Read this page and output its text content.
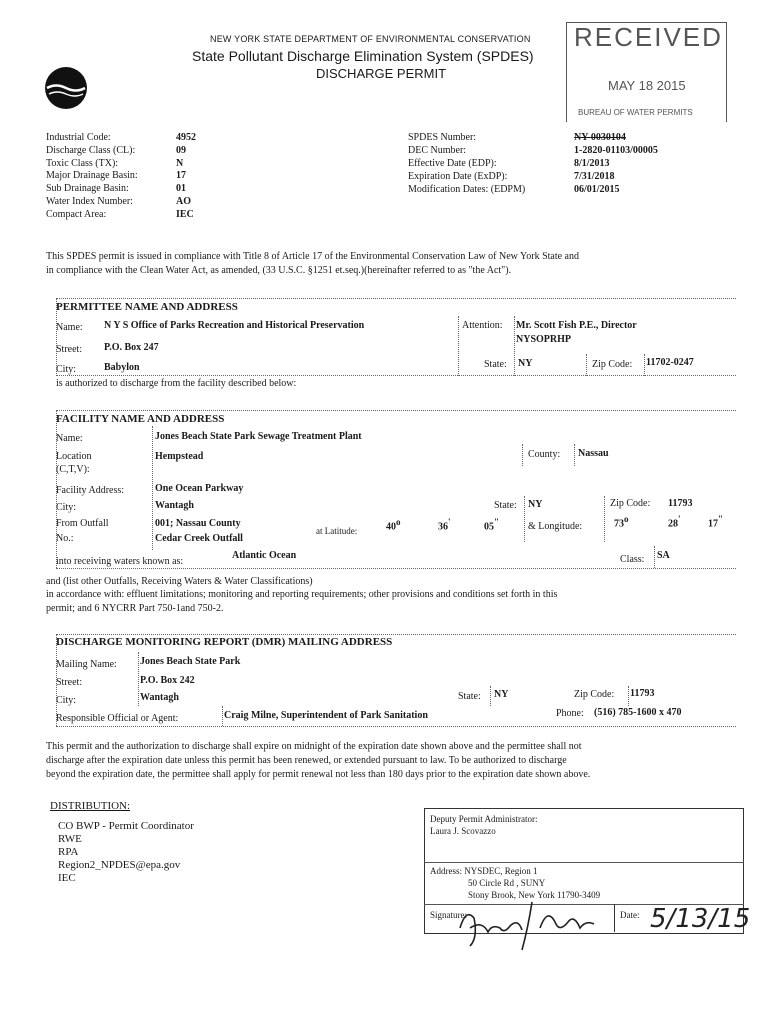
NEW YORK STATE DEPARTMENT OF ENVIRONMENTAL CONSERVATION
State Pollutant Discharge Elimination System (SPDES)
DISCHARGE PERMIT
RECEIVED
MAY 18 2015
BUREAU OF WATER PERMITS
Industrial Code:	4952
Discharge Class (CL):	09
Toxic Class (TX):	N
Major Drainage Basin:	17
Sub Drainage Basin:	01
Water Index Number:	AO
Compact Area:	IEC
SPDES Number:	NY-0030104
DEC Number:	1-2820-01103/00005
Effective Date (EDP):	8/1/2013
Expiration Date (ExDP):	7/31/2018
Modification Dates: (EDPM)	06/01/2015
This SPDES permit is issued in compliance with Title 8 of Article 17 of the Environmental Conservation Law of New York State and
in compliance with the Clean Water Act, as amended, (33 U.S.C. §1251 et.seq.)(hereinafter referred to as "the Act").
PERMITTEE NAME AND ADDRESS
Name: N Y S Office of Parks Recreation and Historical Preservation	Attention: Mr. Scott Fish P.E., Director
NYSOPRHP
Street: P.O. Box 247
City:	Babylon	State: NY	Zip Code: 11702-0247
is authorized to discharge from the facility described below:
FACILITY NAME AND ADDRESS
Name:	Jones Beach State Park Sewage Treatment Plant
Location
(C,T,V):
Hempstead	County: Nassau
Facility Address:	One Ocean Parkway
City:	Wantagh	State: NY	Zip Code: 11793
From Outfall
No.:
001; Nassau County
Cedar Creek Outfall
at Latitude:	40o	36'	05"	& Longitude:	73o	28'	17"
into receiving waters known as:
Atlantic Ocean	Class: SA
and (list other Outfalls, Receiving Waters & Water Classifications)
in accordance with: effluent limitations; monitoring and reporting requirements; other provisions and conditions set forth in this
permit; and 6 NYCRR Part 750-1and 750-2.
DISCHARGE MONITORING REPORT (DMR) MAILING ADDRESS
Mailing Name: Jones Beach State Park
Street:	P.O. Box 242
City:	Wantagh	State: NY	Zip Code: 11793
Responsible Official or Agent:	Craig Milne, Superintendent of Park Sanitation	Phone: (516) 785-1600 x 470
This permit and the authorization to discharge shall expire on midnight of the expiration date shown above and the permittee shall not
discharge after the expiration date unless this permit has been renewed, or extended pursuant to law. To be authorized to discharge
beyond the expiration date, the permittee shall apply for permit renewal not less than 180 days prior to the expiration date shown above.
DISTRIBUTION:
CO BWP - Permit Coordinator
RWE
RPA
Region2_NPDES@epa.gov
IEC
Deputy Permit Administrator:
Laura J. Scovazzo
Address: NYSDEC, Region 1
50 Circle Rd , SUNY
Stony Brook, New York 11790-3409
Signature:	Date: 5/13/15
